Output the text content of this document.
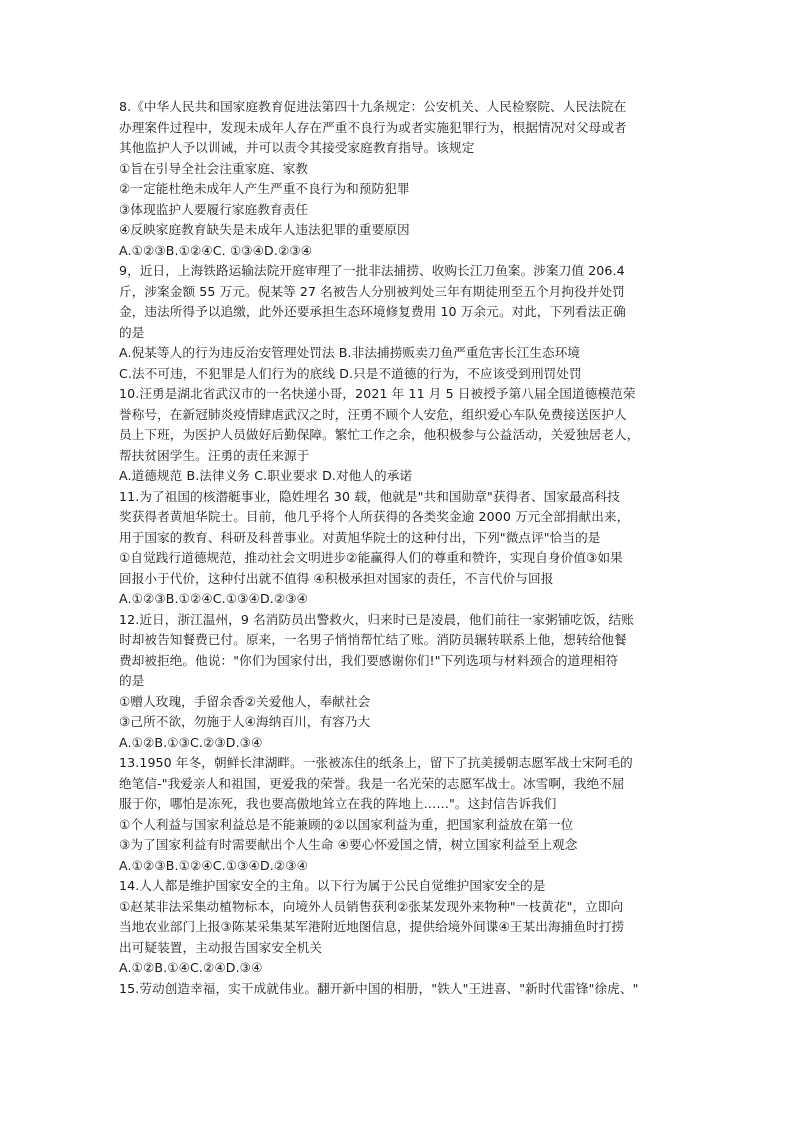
8.《中华人民共和国家庭教育促进法第四十九条规定：公安机关、人民检察院、人民法院在

办理案件过程中，发现未成年人存在严重不良行为或者实施犯罪行为，根据情况对父母或者

其他监护人予以训诫，并可以责令其接受家庭教育指导。该规定

①旨在引导全社会注重家庭、家教

②一定能杜绝未成年人产生严重不良行为和预防犯罪

③体现监护人要履行家庭教育责任

④反映家庭教育缺失是未成年人违法犯罪的重要原因

A.①②③B.①②④C. ①③④D.②③④

9，近日，上海铁路运输法院开庭审理了一批非法捕捞、收购长江刀鱼案。涉案刀值 206.4

斤，涉案金额 55 万元。倪某等 27 名被告人分别被判处三年有期徒刑至五个月拘役并处罚

金，违法所得予以追缴，此外还要承担生态环境修复费用 10 万余元。对此，下列看法正确

的是

A.倪某等人的行为违反治安管理处罚法 B.非法捕捞贩卖刀鱼严重危害长江生态环境

C.法不可违，不犯罪是人们行为的底线 D.只是不道德的行为，不应该受到刑罚处罚

10.汪勇是湖北省武汉市的一名快递小哥，2021 年 11 月 5 日被授予第八届全国道德模范荣

誉称号，在新冠肺炎疫情肆虐武汉之时，汪勇不顾个人安危，组织爱心车队免费接送医护人

员上下班，为医护人员做好后勤保障。繁忙工作之余，他积极参与公益活动，关爱独居老人，

帮扶贫困学生。汪勇的责任来源于

A.道德规范 B.法律义务 C.职业要求 D.对他人的承诺

11.为了祖国的核潜艇事业，隐姓埋名 30 载，他就是"共和国勋章"获得者、国家最高科技

奖获得者黄旭华院士。目前，他几乎将个人所获得的各类奖金逾 2000 万元全部捐献出来，

用于国家的教育、科研及科普事业。对黄旭华院士的这种付出，下列"微点评"恰当的是

①自觉践行道德规范，推动社会文明进步②能赢得人们的尊重和赞许，实现自身价值③如果

回报小于代价，这种付出就不值得 ④积极承担对国家的责任，不言代价与回报

A.①②③B.①②④C.①③④D.②③④

12.近日，浙江温州，9 名消防员出警救火，归来时已是凌晨，他们前往一家粥铺吃饭，结账

时却被告知餐费已付。原来，一名男子悄悄帮忙结了账。消防员辗转联系上他，想转给他餐

费却被拒绝。他说："你们为国家付出，我们要感谢你们!"下列选项与材料颈合的道理相符

的是

①赠人玫瑰，手留余香②关爱他人，奉献社会

③己所不欲，勿施于人④海纳百川，有容乃大

A.①②B.①③C.②③D.③④

13.1950 年冬，朝鲜长津湖畔。一张被冻住的纸条上，留下了抗美援朝志愿军战士宋阿毛的

绝笔信-"我爱亲人和祖国，更爱我的荣誉。我是一名光荣的志愿军战士。冰雪啊，我绝不屈

服于你，哪怕是冻死，我也要高傲地耸立在我的阵地上……"。这封信告诉我们

①个人利益与国家利益总是不能兼顾的②以国家利益为重，把国家利益放在第一位

③为了国家利益有时需要献出个人生命 ④要心怀爱国之情，树立国家利益至上观念

A.①②③B.①②④C.①③④D.②③④

14.人人都是维护国家安全的主角。以下行为属于公民自觉维护国家安全的是

①赵某非法采集动植物标本，向境外人员销售获利②张某发现外来物种"一枝黄花"，立即向

当地农业部门上报③陈某采集某军港附近地图信息，提供给境外间谍④王某出海捕鱼时打捞

出可疑装置，主动报告国家安全机关

A.①②B.①④C.②④D.③④

15.劳动创造幸福，实干成就伟业。翻开新中国的相册，"铁人"王进喜、"新时代雷锋"徐虎、"
